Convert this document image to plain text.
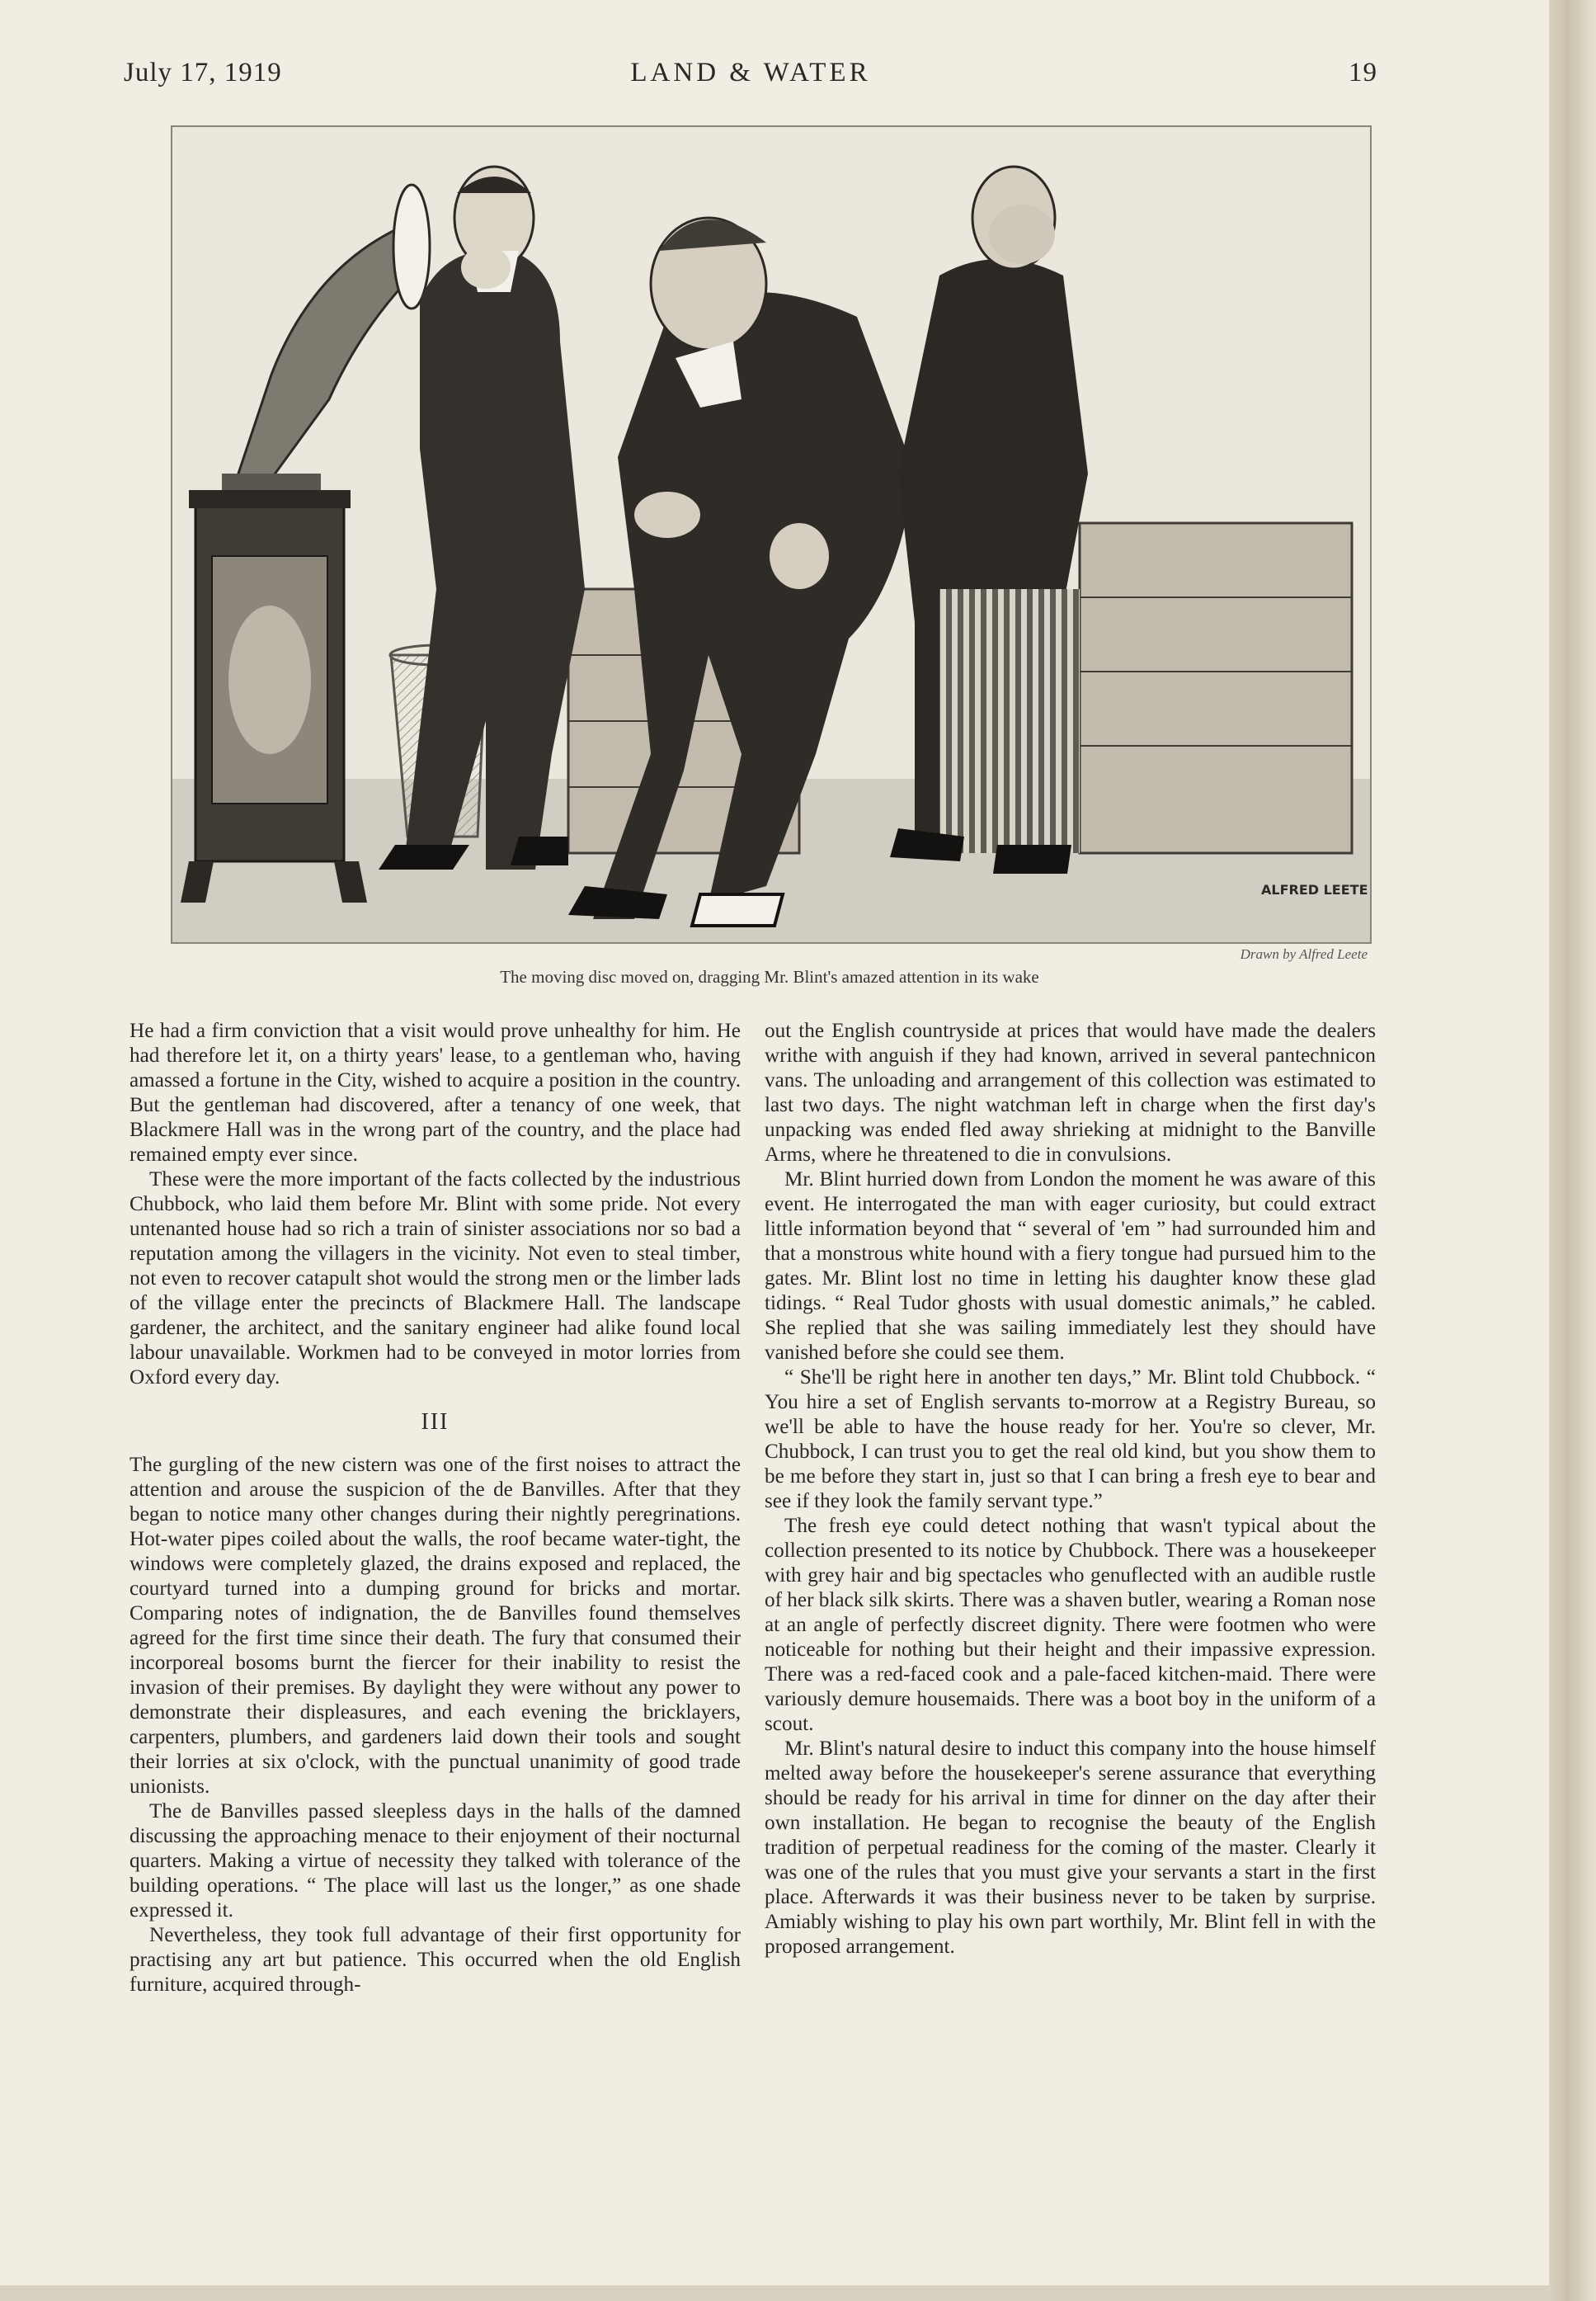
July 17, 1919	LAND & WATER	19
ALFRED LEETE
Drawn by Alfred Leete
The moving disc moved on, dragging Mr. Blint's amazed attention in its wake

He had a firm conviction that a visit would prove unhealthy for him. He had therefore let it, on a thirty years' lease, to a gentleman who, having amassed a fortune in the City, wished to acquire a position in the country. But the gentleman had discovered, after a tenancy of one week, that Blackmere Hall was in the wrong part of the country, and the place had remained empty ever since.

These were the more important of the facts collected by the industrious Chubbock, who laid them before Mr. Blint with some pride. Not every untenanted house had so rich a train of sinister associations nor so bad a reputation among the villagers in the vicinity. Not even to steal timber, not even to recover catapult shot would the strong men or the limber lads of the village enter the precincts of Blackmere Hall. The landscape gardener, the architect, and the sanitary engineer had alike found local labour unavailable. Workmen had to be conveyed in motor lorries from Oxford every day.

III

The gurgling of the new cistern was one of the first noises to attract the attention and arouse the suspicion of the de Banvilles. After that they began to notice many other changes during their nightly peregrinations. Hot-water pipes coiled about the walls, the roof became water-tight, the windows were completely glazed, the drains exposed and replaced, the courtyard turned into a dumping ground for bricks and mortar. Comparing notes of indignation, the de Banvilles found themselves agreed for the first time since their death. The fury that consumed their incorporeal bosoms burnt the fiercer for their inability to resist the invasion of their premises. By daylight they were without any power to demonstrate their displeasures, and each evening the bricklayers, carpenters, plumbers, and gardeners laid down their tools and sought their lorries at six o'clock, with the punctual unanimity of good trade unionists.

The de Banvilles passed sleepless days in the halls of the damned discussing the approaching menace to their enjoyment of their nocturnal quarters. Making a virtue of necessity they talked with tolerance of the building operations. “ The place will last us the longer,” as one shade expressed it.

Nevertheless, they took full advantage of their first opportunity for practising any art but patience. This occurred when the old English furniture, acquired through-

out the English countryside at prices that would have made the dealers writhe with anguish if they had known, arrived in several pantechnicon vans. The unloading and arrangement of this collection was estimated to last two days. The night watchman left in charge when the first day's unpacking was ended fled away shrieking at midnight to the Banville Arms, where he threatened to die in convulsions.

Mr. Blint hurried down from London the moment he was aware of this event. He interrogated the man with eager curiosity, but could extract little information beyond that “ several of 'em ” had surrounded him and that a monstrous white hound with a fiery tongue had pursued him to the gates. Mr. Blint lost no time in letting his daughter know these glad tidings. “ Real Tudor ghosts with usual domestic animals,” he cabled. She replied that she was sailing immediately lest they should have vanished before she could see them.

“ She'll be right here in another ten days,” Mr. Blint told Chubbock. “ You hire a set of English servants to-morrow at a Registry Bureau, so we'll be able to have the house ready for her. You're so clever, Mr. Chubbock, I can trust you to get the real old kind, but you show them to be me before they start in, just so that I can bring a fresh eye to bear and see if they look the family servant type.”

The fresh eye could detect nothing that wasn't typical about the collection presented to its notice by Chubbock. There was a housekeeper with grey hair and big spectacles who genuflected with an audible rustle of her black silk skirts. There was a shaven butler, wearing a Roman nose at an angle of perfectly discreet dignity. There were footmen who were noticeable for nothing but their height and their impassive expression. There was a red-faced cook and a pale-faced kitchen-maid. There were variously demure housemaids. There was a boot boy in the uniform of a scout.

Mr. Blint's natural desire to induct this company into the house himself melted away before the housekeeper's serene assurance that everything should be ready for his arrival in time for dinner on the day after their own installation. He began to recognise the beauty of the English tradition of perpetual readiness for the coming of the master. Clearly it was one of the rules that you must give your servants a start in the first place. Afterwards it was their business never to be taken by surprise. Amiably wishing to play his own part worthily, Mr. Blint fell in with the proposed arrangement.
